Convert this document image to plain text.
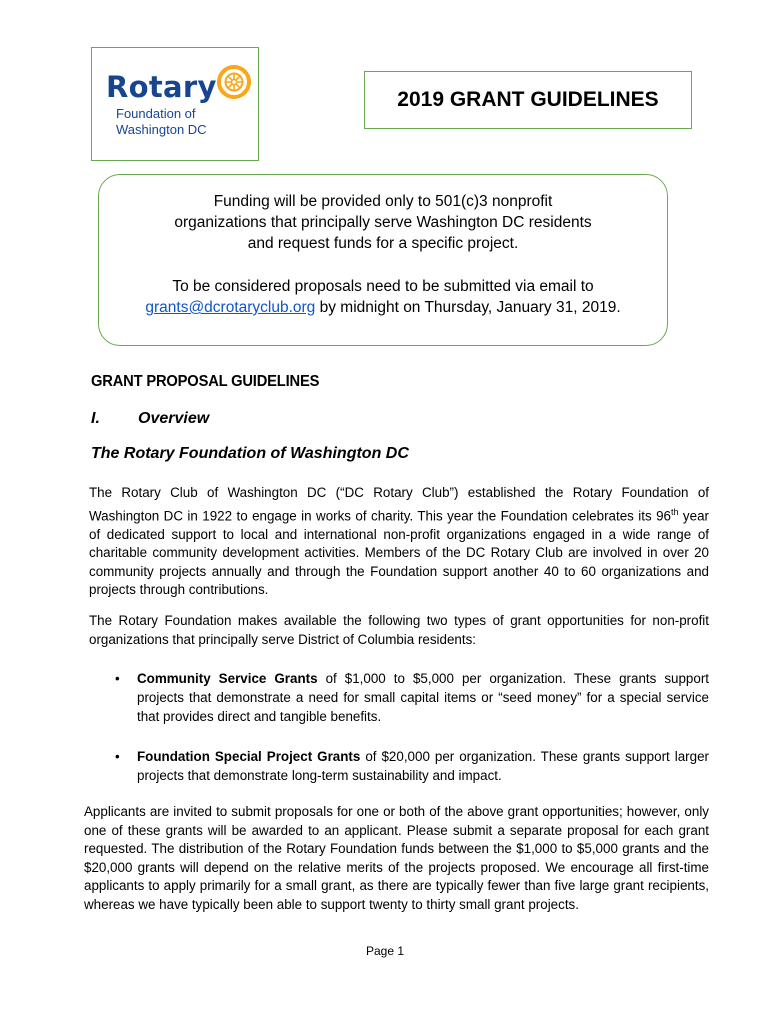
Rotary
Foundation of
Washington DC
2019 GRANT GUIDELINES

Funding will be provided only to 501(c)3 nonprofit

organizations that principally serve Washington DC residents

and request funds for a specific project.

To be considered proposals need to be submitted via email to

grants@dcrotaryclub.org by midnight on Thursday, January 31, 2019.

GRANT PROPOSAL GUIDELINES
I. Overview
The Rotary Foundation of Washington DC

The Rotary Club of Washington DC (“DC Rotary Club”) established the Rotary Foundation of Washington DC in 1922 to engage in works of charity. This year the Foundation celebrates its 96th year of dedicated support to local and international non-profit organizations engaged in a wide range of charitable community development activities. Members of the DC Rotary Club are involved in over 20 community projects annually and through the Foundation support another 40 to 60 organizations and projects through contributions.

The Rotary Foundation makes available the following two types of grant opportunities for non-profit organizations that principally serve District of Columbia residents:

• Community Service Grants of $1,000 to $5,000 per organization. These grants support projects that demonstrate a need for small capital items or “seed money” for a special service that provides direct and tangible benefits.
• Foundation Special Project Grants of $20,000 per organization. These grants support larger projects that demonstrate long-term sustainability and impact.

Applicants are invited to submit proposals for one or both of the above grant opportunities; however, only one of these grants will be awarded to an applicant. Please submit a separate proposal for each grant requested. The distribution of the Rotary Foundation funds between the $1,000 to $5,000 grants and the $20,000 grants will depend on the relative merits of the projects proposed. We encourage all first-time applicants to apply primarily for a small grant, as there are typically fewer than five large grant recipients, whereas we have typically been able to support twenty to thirty small grant projects.

Page 1
